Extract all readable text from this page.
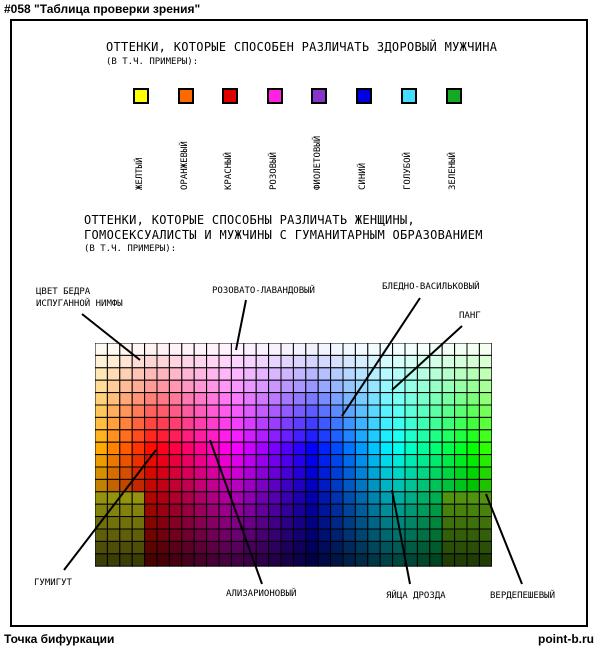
#058 "Таблица проверки зрения"
ОТТЕНКИ, КОТОРЫЕ СПОСОБЕН РАЗЛИЧАТЬ ЗДОРОВЫЙ МУЖЧИНА
(В Т.Ч. ПРИМЕРЫ):
ЖЕЛТЫЙ	ОРАНЖЕВЫЙ	КРАСНЫЙ	РОЗОВЫЙ	ФИОЛЕТОВЫЙ	СИНИЙ	ГОЛУБОЙ	ЗЕЛЕНЫЙ
ОТТЕНКИ, КОТОРЫЕ СПОСОБНЫ РАЗЛИЧАТЬ ЖЕНЩИНЫ,
ГОМОСЕКСУАЛИСТЫ И МУЖЧИНЫ С ГУМАНИТАРНЫМ ОБРАЗОВАНИЕМ
(В Т.Ч. ПРИМЕРЫ):
ЦВЕТ БЕДРА
ИСПУГАННОЙ НИМФЫ
РОЗОВАТО-ЛАВАНДОВЫЙ	БЛЕДНО-ВАСИЛЬКОВЫЙ
ПАНГ
ГУМИГУТ
АЛИЗАРИОНОВЫЙ	ЯЙЦА ДРОЗДА	ВЕРДЕПЕШЕВЫЙ
Точка бифуркации	point-b.ru
